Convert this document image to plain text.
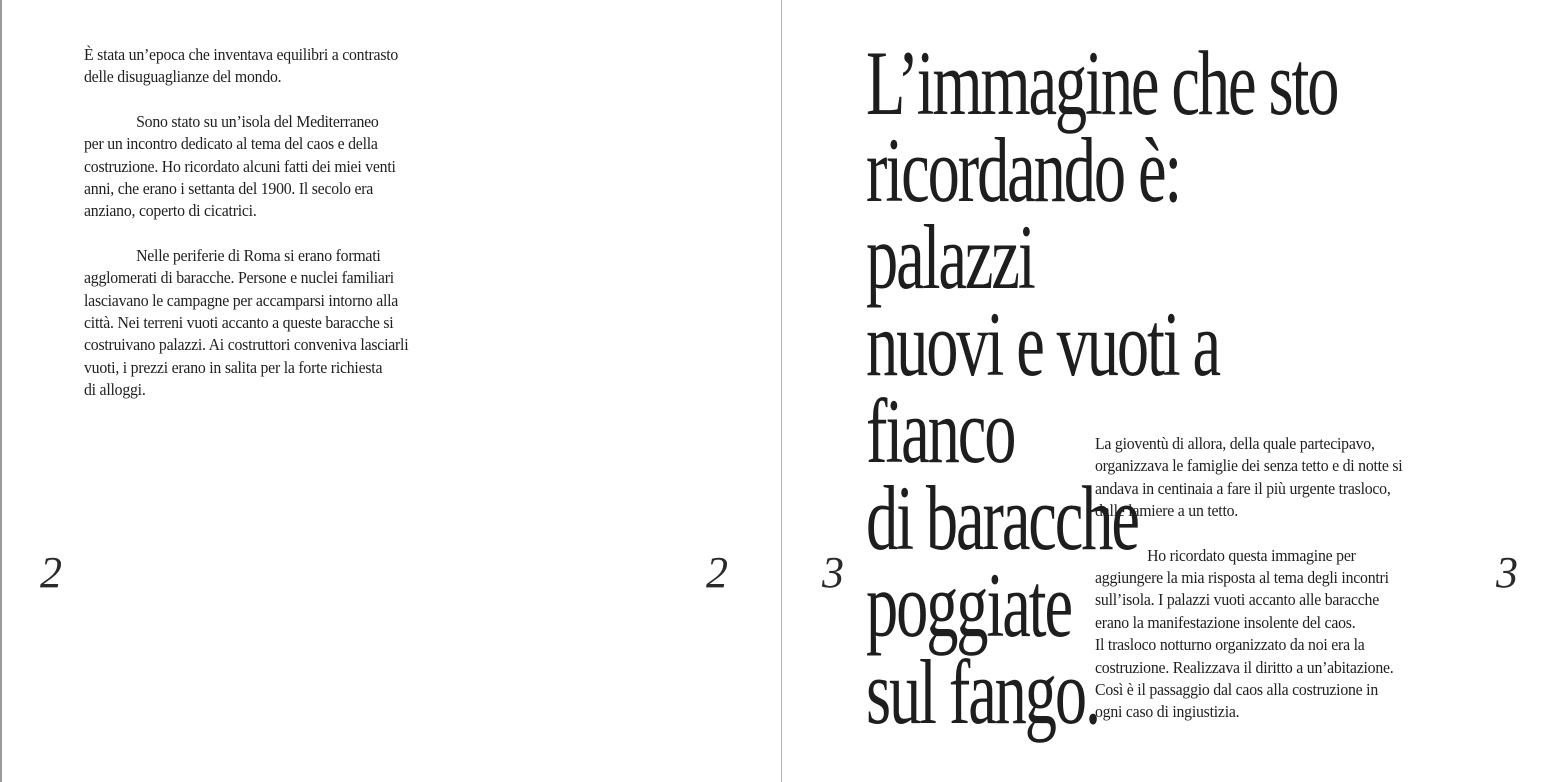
È stata un’epoca che inventava equilibri a contrasto
delle disuguaglianze del mondo.

Sono stato su un’isola del Mediterraneo
per un incontro dedicato al tema del caos e della
costruzione. Ho ricordato alcuni fatti dei miei venti
anni, che erano i settanta del 1900. Il secolo era
anziano, coperto di cicatrici.

Nelle periferie di Roma si erano formati
agglomerati di baracche. Persone e nuclei familiari
lasciavano le campagne per accamparsi intorno alla
città. Nei terreni vuoti accanto a queste baracche si
costruivano palazzi. Ai costruttori conveniva lasciarli
vuoti, i prezzi erano in salita per la forte richiesta
di alloggi.

2	2
L’immagine che sto
ricordando è: palazzi
nuovi e vuoti a fianco
di baracche poggiate
sul fango.

La gioventù di allora, della quale partecipavo,
organizzava le famiglie dei senza tetto e di notte si
andava in centinaia a fare il più urgente trasloco,
dalle lamiere a un tetto.

Ho ricordato questa immagine per
aggiungere la mia risposta al tema degli incontri
sull’isola. I palazzi vuoti accanto alle baracche
erano la manifestazione insolente del caos.
Il trasloco notturno organizzato da noi era la
costruzione. Realizzava il diritto a un’abitazione.
Così è il passaggio dal caos alla costruzione in
ogni caso di ingiustizia.

3	3
